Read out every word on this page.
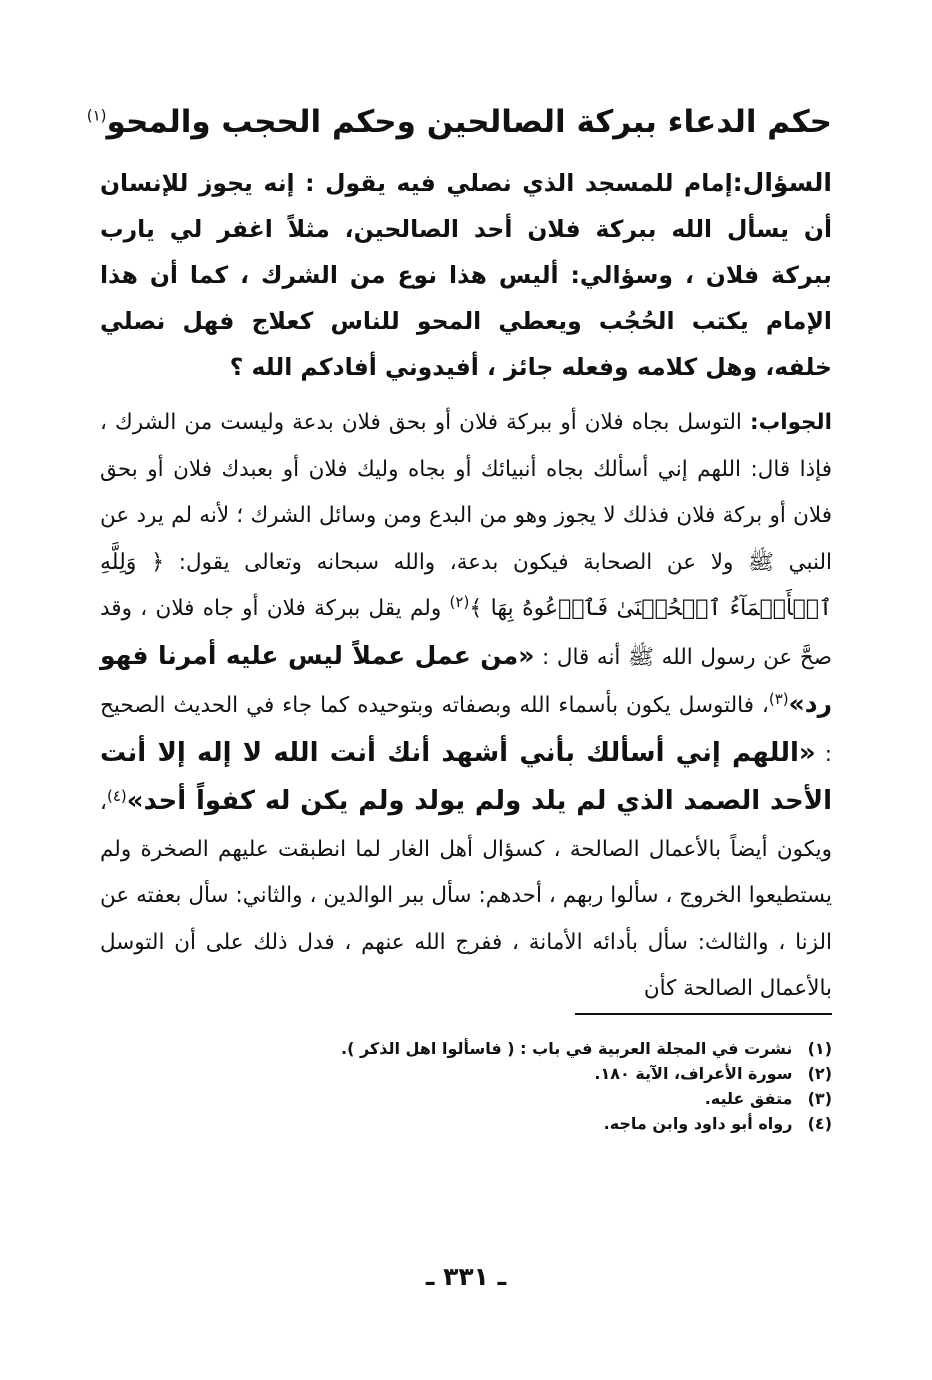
حكم الدعاء ببركة الصالحين وحكم الحجب والمحو$^{(١)}$
السؤال:إمام للمسجد الذي نصلي فيه يقول : إنه يجوز للإنسان أن يسأل الله ببركة فلان أحد الصالحين، مثلاً اغفر لي يارب ببركة فلان ، وسؤالي: أليس هذا نوع من الشرك ، كما أن هذا الإمام يكتب الحُجُب ويعطي المحو للناس كعلاج فهل نصلي خلفه، وهل كلامه وفعله جائز ، أفيدوني أفادكم الله ؟
الجواب: التوسل بجاه فلان أو ببركة فلان أو بحق فلان بدعة وليست من الشرك ، فإذا قال: اللهم إني أسألك بجاه أنبيائك أو بجاه وليك فلان أو بعبدك فلان أو بحق فلان أو بركة فلان فذلك لا يجوز وهو من البدع ومن وسائل الشرك ؛ لأنه لم يرد عن النبي ﷺ ولا عن الصحابة فيكون بدعة، والله سبحانه وتعالى يقول: ﴿ وَلِلَّهِ ٱلۡأَسۡمَآءُ ٱلۡحُسۡنَىٰ فَٱدۡعُوهُ بِهَا ﴾$^{(٢)}$ ولم يقل ببركة فلان أو جاه فلان ، وقد صحَّ عن رسول الله ﷺ أنه قال : «من عمل عملاً ليس عليه أمرنا فهو رد»$^{(٣)}$، فالتوسل يكون بأسماء الله وبصفاته وبتوحيده كما جاء في الحديث الصحيح : «اللهم إني أسألك بأني أشهد أنك أنت الله لا إله إلا أنت الأحد الصمد الذي لم يلد ولم يولد ولم يكن له كفواً أحد»$^{(٤)}$، ويكون أيضاً بالأعمال الصالحة ، كسؤال أهل الغار لما انطبقت عليهم الصخرة ولم يستطيعوا الخروج ، سألوا ربهم ، أحدهم: سأل ببر الوالدين ، والثاني: سأل بعفته عن الزنا ، والثالث: سأل بأدائه الأمانة ، ففرج الله عنهم ، فدل ذلك على أن التوسل بالأعمال الصالحة كأن
(١) نشرت في المجلة العربية في باب : ( فاسألوا اهل الذكر ).
(٢) سورة الأعراف، الآية ١٨٠.
(٣) متفق عليه.
(٤) رواه أبو داود وابن ماجه.
ـ ٣٣١ ـ
